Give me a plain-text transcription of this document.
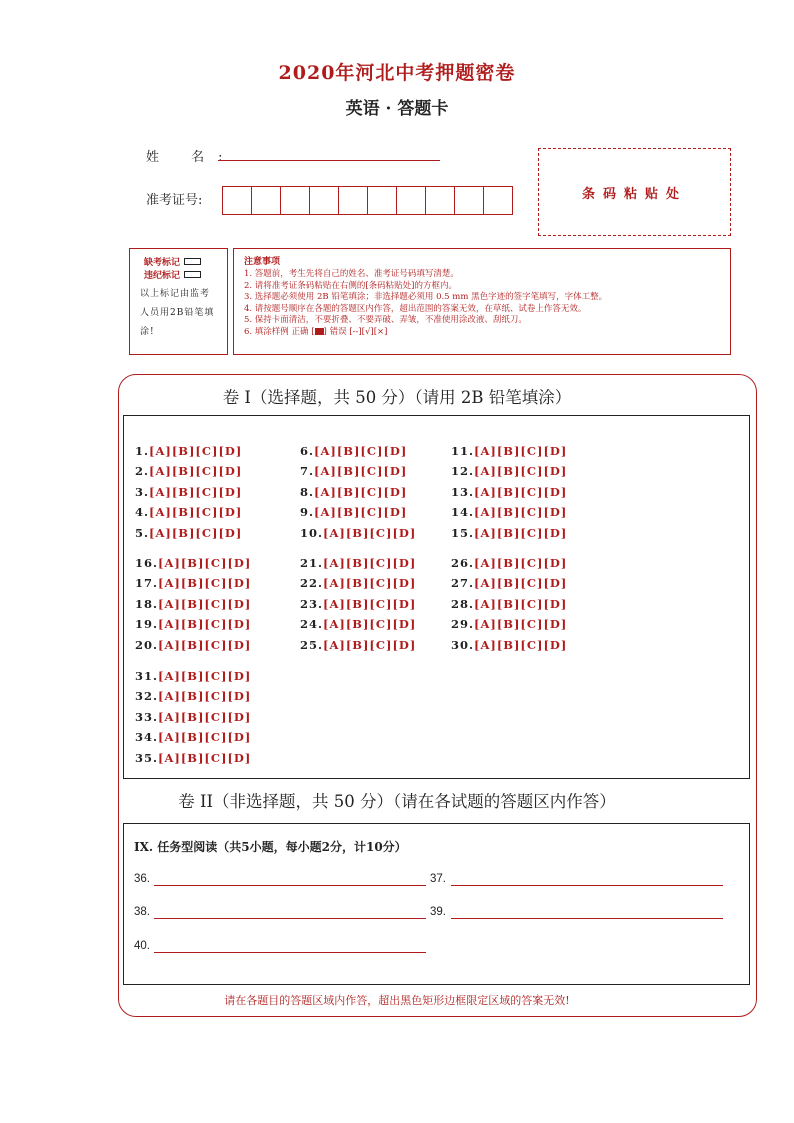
2020年河北中考押题密卷
英语 · 答题卡
姓 名:
准考证号:	条码粘贴处
缺考标记
违纪标记
以上标记由监考人员用2B铅笔填涂!
注意事项
1. 答题前，考生先将自己的姓名、准考证号码填写清楚。
2. 请将准考证条码粘贴在右侧的[条码粘贴处]的方框内。
3. 选择题必须使用 2B 铅笔填涂；非选择题必须用 0.5 mm 黑色字迹的签字笔填写，字体工整。
4. 请按题号顺序在各题的答题区内作答，超出范围的答案无效，在草纸、试卷上作答无效。
5. 保持卡面清洁，不要折叠、不要弄破、弄皱，不准使用涂改液、刮纸刀。
6. 填涂样例 正确 [ ] 错误 [--][√][×]
卷 I（选择题，共 50 分）（请用 2B 铅笔填涂）
1.[A][B][C][D]
2.[A][B][C][D]
3.[A][B][C][D]
4.[A][B][C][D]
5.[A][B][C][D]
6.[A][B][C][D]
7.[A][B][C][D]
8.[A][B][C][D]
9.[A][B][C][D]
10.[A][B][C][D]
11.[A][B][C][D]
12.[A][B][C][D]
13.[A][B][C][D]
14.[A][B][C][D]
15.[A][B][C][D]
16.[A][B][C][D]
17.[A][B][C][D]
18.[A][B][C][D]
19.[A][B][C][D]
20.[A][B][C][D]
21.[A][B][C][D]
22.[A][B][C][D]
23.[A][B][C][D]
24.[A][B][C][D]
25.[A][B][C][D]
26.[A][B][C][D]
27.[A][B][C][D]
28.[A][B][C][D]
29.[A][B][C][D]
30.[A][B][C][D]
31.[A][B][C][D]
32.[A][B][C][D]
33.[A][B][C][D]
34.[A][B][C][D]
35.[A][B][C][D]
卷 II（非选择题，共 50 分）（请在各试题的答题区内作答）
IX. 任务型阅读（共5小题，每小题2分，计10分）
36.	37.
38.	39.
40.
请在各题目的答题区域内作答，超出黑色矩形边框限定区域的答案无效!
